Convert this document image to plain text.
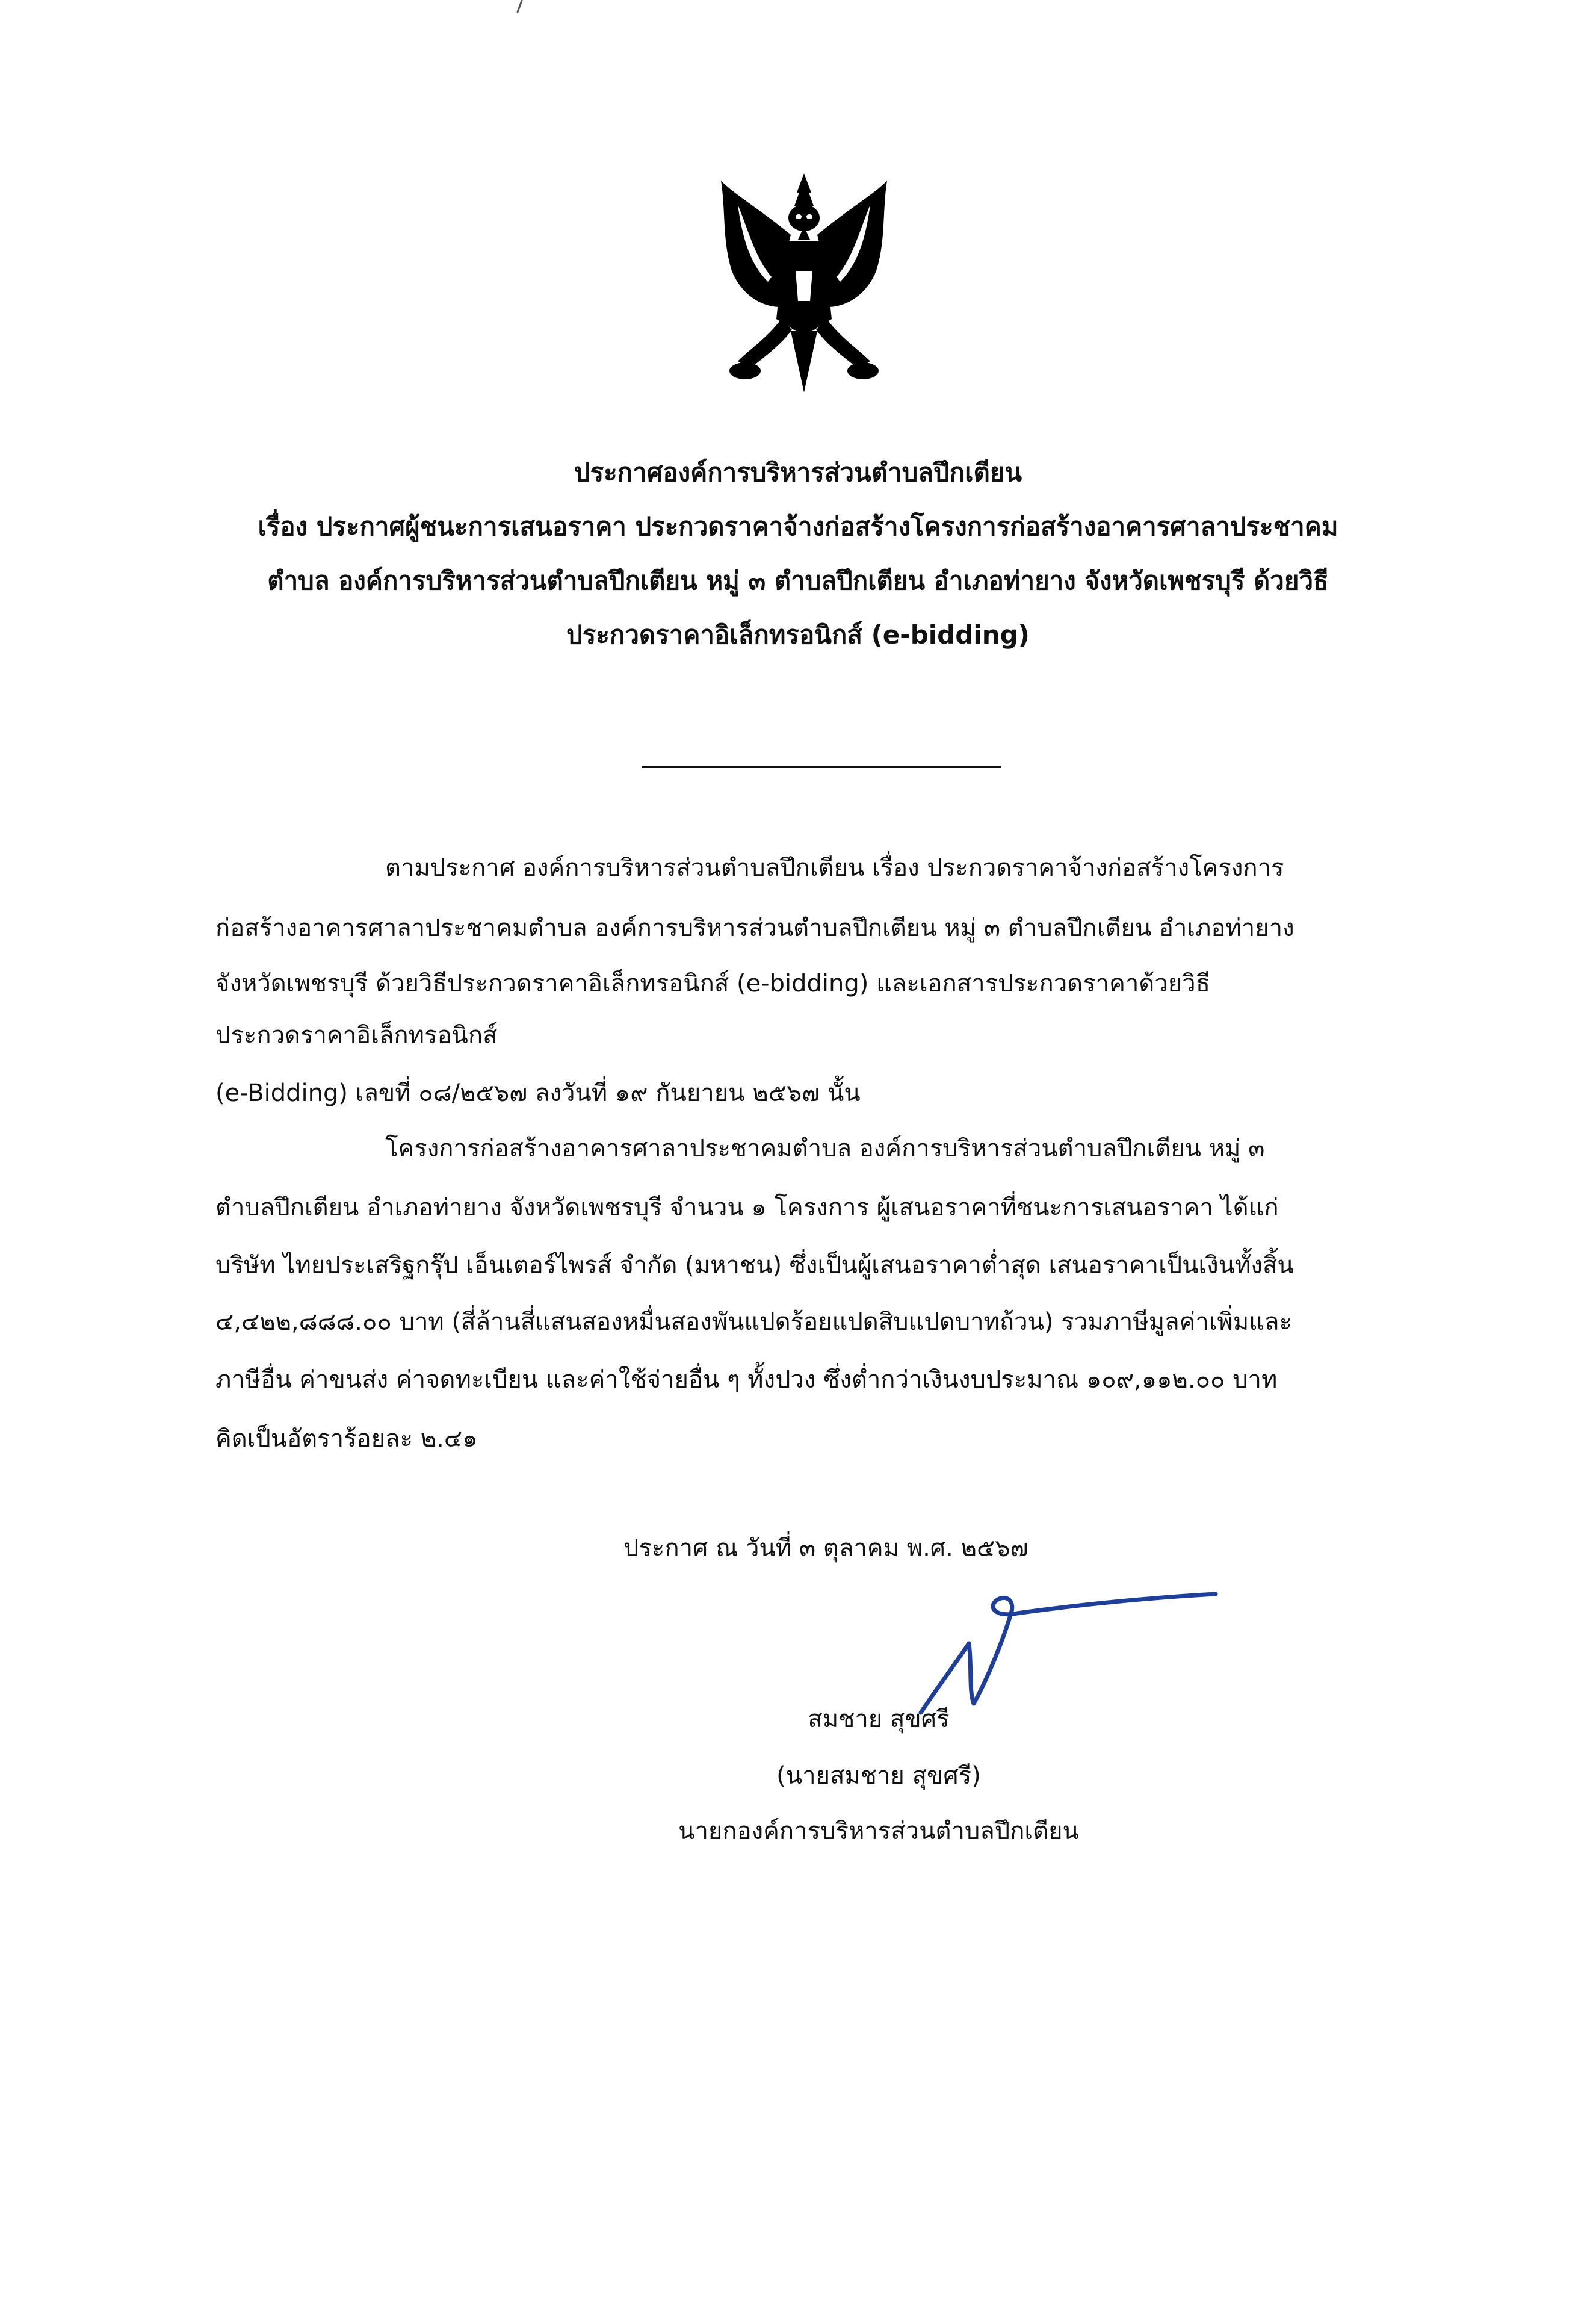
ประกาศองค์การบริหารส่วนตำบลปึกเตียน
เรื่อง ประกาศผู้ชนะการเสนอราคา ประกวดราคาจ้างก่อสร้างโครงการก่อสร้างอาคารศาลาประชาคม
ตำบล องค์การบริหารส่วนตำบลปึกเตียน หมู่ ๓ ตำบลปึกเตียน อำเภอท่ายาง จังหวัดเพชรบุรี ด้วยวิธี
ประกวดราคาอิเล็กทรอนิกส์ (e-bidding)
ตามประกาศ องค์การบริหารส่วนตำบลปึกเตียน เรื่อง ประกวดราคาจ้างก่อสร้างโครงการ
ก่อสร้างอาคารศาลาประชาคมตำบล องค์การบริหารส่วนตำบลปึกเตียน หมู่ ๓ ตำบลปึกเตียน อำเภอท่ายาง
จังหวัดเพชรบุรี ด้วยวิธีประกวดราคาอิเล็กทรอนิกส์ (e-bidding) และเอกสารประกวดราคาด้วยวิธี
ประกวดราคาอิเล็กทรอนิกส์
(e-Bidding) เลขที่ ๐๘/๒๕๖๗ ลงวันที่ ๑๙ กันยายน ๒๕๖๗ นั้น
โครงการก่อสร้างอาคารศาลาประชาคมตำบล องค์การบริหารส่วนตำบลปึกเตียน หมู่ ๓
ตำบลปึกเตียน อำเภอท่ายาง จังหวัดเพชรบุรี จำนวน ๑ โครงการ ผู้เสนอราคาที่ชนะการเสนอราคา ได้แก่
บริษัท ไทยประเสริฐกรุ๊ป เอ็นเตอร์ไพรส์ จำกัด (มหาชน) ซึ่งเป็นผู้เสนอราคาต่ำสุด เสนอราคาเป็นเงินทั้งสิ้น
๔,๔๒๒,๘๘๘.๐๐ บาท (สี่ล้านสี่แสนสองหมื่นสองพันแปดร้อยแปดสิบแปดบาทถ้วน) รวมภาษีมูลค่าเพิ่มและ
ภาษีอื่น ค่าขนส่ง ค่าจดทะเบียน และค่าใช้จ่ายอื่น ๆ ทั้งปวง ซึ่งต่ำกว่าเงินงบประมาณ ๑๐๙,๑๑๒.๐๐ บาท
คิดเป็นอัตราร้อยละ ๒.๔๑
ประกาศ ณ วันที่ ๓ ตุลาคม พ.ศ. ๒๕๖๗
สมชาย สุขศรี
(นายสมชาย สุขศรี)
นายกองค์การบริหารส่วนตำบลปึกเตียน
